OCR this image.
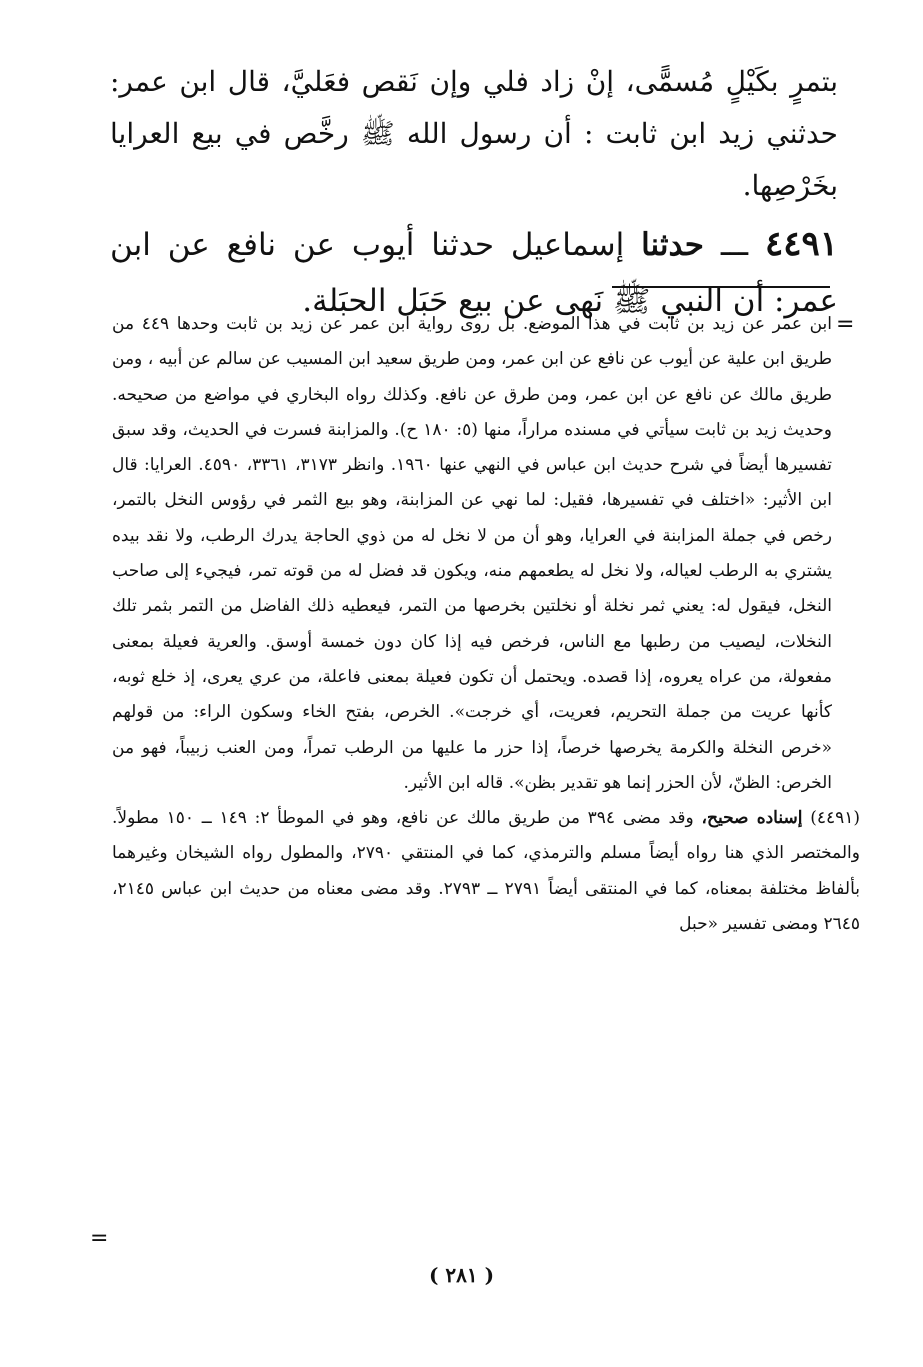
بتمرٍ بكَيْلٍ مُسمًّى، إنْ زاد فلي وإن نَقص فعَليَّ، قال ابن عمر: حدثني زيد ابن ثابت : أن رسول الله ﷺ رخَّص في بيع العرايا بخَرْصِها.

٤٤٩١ ـــ حدثنا إسماعيل حدثنا أيوب عن نافع عن ابن عمر: أن النبي ﷺ نَهى عن بيع حَبَل الحبَلة.

=

ابن عمر عن زيد بن ثابت في هذا الموضع. بل روى رواية ابن عمر عن زيد بن ثابت وحدها ٤٤٩ من طريق ابن علية عن أيوب عن نافع عن ابن عمر، ومن طريق سعيد ابن المسيب عن سالم عن أبيه ، ومن طريق مالك عن نافع عن ابن عمر، ومن طرق عن نافع. وكذلك رواه البخاري في مواضع من صحيحه. وحديث زيد بن ثابت سيأتي في مسنده مراراً، منها (٥: ١٨٠ ح). والمزابنة فسرت في الحديث، وقد سبق تفسيرها أيضاً في شرح حديث ابن عباس في النهي عنها ١٩٦٠. وانظر ٣١٧٣، ٣٣٦١، ٤٥٩٠. العرايا: قال ابن الأثير: «اختلف في تفسيرها، فقيل: لما نهي عن المزابنة، وهو بيع الثمر في رؤوس النخل بالتمر، رخص في جملة المزابنة في العرايا، وهو أن من لا نخل له من ذوي الحاجة يدرك الرطب، ولا نقد بيده يشتري به الرطب لعياله، ولا نخل له يطعمهم منه، ويكون قد فضل له من قوته تمر، فيجيء إلى صاحب النخل، فيقول له: يعني ثمر نخلة أو نخلتين بخرصها من التمر، فيعطيه ذلك الفاضل من التمر بثمر تلك النخلات، ليصيب من رطبها مع الناس، فرخص فيه إذا كان دون خمسة أوسق. والعرية فعيلة بمعنى مفعولة، من عراه يعروه، إذا قصده. ويحتمل أن تكون فعيلة بمعنى فاعلة، من عري يعرى، إذ خلع ثوبه، كأنها عريت من جملة التحريم، فعريت، أي خرجت». الخرص، بفتح الخاء وسكون الراء: من قولهم «خرص النخلة والكرمة يخرصها خرصاً، إذا حزر ما عليها من الرطب تمراً، ومن العنب زبيباً، فهو من الخرص: الظنّ، لأن الحزر إنما هو تقدير بظن». قاله ابن الأثير.

(٤٤٩١) إسناده صحيح، وقد مضى ٣٩٤ من طريق مالك عن نافع، وهو في الموطأ ٢: ١٤٩ ــ ١٥٠ مطولاً. والمختصر الذي هنا رواه أيضاً مسلم والترمذي، كما في المنتقي ٢٧٩٠، والمطول رواه الشيخان وغيرهما بألفاظ مختلفة بمعناه، كما في المنتقى أيضاً ٢٧٩١ ــ ٢٧٩٣. وقد مضى معناه من حديث ابن عباس ٢١٤٥، ٢٦٤٥ ومضى تفسير «حبل

=
( ٢٨١ )
